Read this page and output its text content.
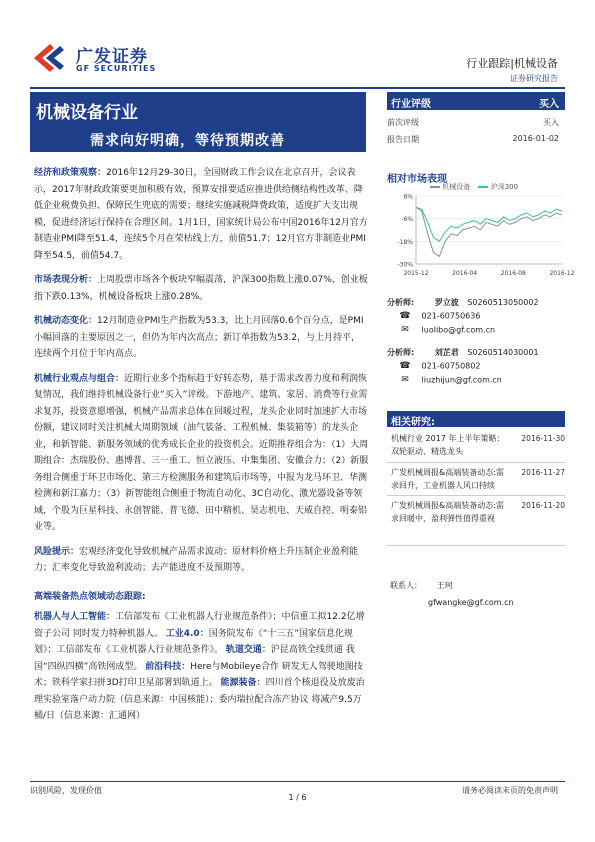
广发证券
GF SECURITIES	行业跟踪|机械设备
证券研究报告
机械设备行业
需求向好明确，等待预期改善
行业评级	买入
前次评级	买入
报告日期	2016-01-02
相对市场表现
机械设备	沪深300
6%
-6%
-18%
-30%
2015-12	2016-04	2016-08	2016-12
分析师:	罗立波 S0260513050002
☎ 021-60750636
✉ luolibo@gf.com.cn
分析师:	刘芷君 S0260514030001
☎ 021-60750802
✉ liuzhijun@gf.com.cn
相关研究:
机械行业 2017 年上半年策略：双轮驱动、精选龙头
2016-11-30
广发机械周报&高端装备动态:需求回升，工业机器人风口持续
2016-11-27
广发机械周报&高端装备动态:需求回暖中，盈利弹性值得重视
2016-11-20
联系人： 王珂
gfwangke@gf.com.cn

经济和政策观察：2016年12月29-30日，全国财政工作会议在北京召开，会议表示，2017年财政政策要更加积极有效，预算安排要适应推进供给侧结构性改革、降低企业税费负担、保障民生兜底的需要；继续实施减税降费政策，适度扩大支出规模，促进经济运行保持在合理区间。1月1日，国家统计局公布中国2016年12月官方制造业PMI降至51.4，连续5个月在荣枯线上方，前值51.7；12月官方非制造业PMI降至54.5，前值54.7。

市场表现分析：上周股票市场各个板块窄幅震荡，沪深300指数上涨0.07%，创业板指下跌0.13%，机械设备板块上涨0.28%。

机械动态变化：12月制造业PMI生产指数为53.3，比上月回落0.6个百分点，是PMI小幅回落的主要原因之一，但仍为年内次高点；新订单指数为53.2，与上月持平，连续两个月位于年内高点。

机械行业观点与组合：近期行业多个指标趋于好转态势，基于需求改善力度和利润恢复情况，我们维持机械设备行业“买入”评级。下游地产、建筑、家居、消费等行业需求复苏，投资意愿增强，机械产品需求总体在回暖过程，龙头企业同时加速扩大市场份额，建议同时关注机械大周期领域（油气装备、工程机械、集装箱等）的龙头企业，和新智能、新服务领域的优秀成长企业的投资机会。近期推荐组合为：（1）大周期组合：杰瑞股份、惠博普、三一重工、恒立液压、中集集团、安徽合力；（2）新服务组合侧重于环卫市场化、第三方检测服务和建筑后市场等，中报为龙马环卫、华测检测和新江嘉力；（3）新智能组合侧重于物流自动化、3C自动化、激光器设备等领域，个股为巨星科技、永创智能、普飞德、田中精机、昊志机电、天威自控、明泰铝业等。

风险提示：宏观经济变化导致机械产品需求波动；原材料价格上升压制企业盈利能力；汇率变化导致盈利波动；去产能进度不及预期等。

高端装备热点领域动态跟踪:

机器人与人工智能：工信部发布《工业机器人行业规范条件》；中信重工拟12.2亿增资子公司 同时发力特种机器人。 工业4.0：国务院发布《“十三五”国家信息化规划》；工信部发布《工业机器人行业规范条件》。 轨道交通：沪昆高铁全线贯通 我国“四纵四横”高铁网成型。 前沿科技：Here与Mobileye合作 研发无人驾驶地图技术；铁科学家扫拼3D打印卫星部署到轨道上。 能源装备：四川首个核退役及放废治理实验室落户动力院（信息来源：中国核能）；委内瑞拉配合冻产协议 将减产9.5万桶/日（信息来源：汇通网）

识别风险，发现价值	请务必阅读末页的免责声明
1 / 6
